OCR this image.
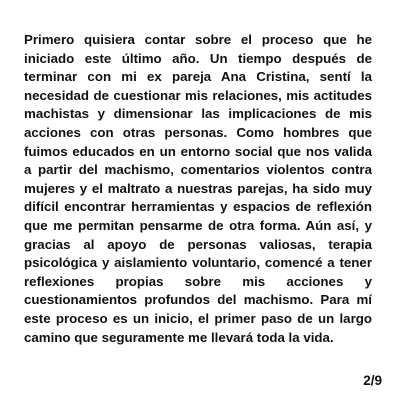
Primero quisiera contar sobre el proceso que he iniciado este último año. Un tiempo después de terminar con mi ex pareja Ana Cristina, sentí la necesidad de cuestionar mis relaciones, mis actitudes machistas y dimensionar las implicaciones de mis acciones con otras personas. Como hombres que fuimos educados en un entorno social que nos valida a partir del machismo, comentarios violentos contra mujeres y el maltrato a nuestras parejas, ha sido muy difícil encontrar herramientas y espacios de reflexión que me permitan pensarme de otra forma. Aún así, y gracias al apoyo de personas valiosas, terapia psicológica y aislamiento voluntario, comencé a tener reflexiones propias sobre mis acciones y cuestionamientos profundos del machismo. Para mí este proceso es un inicio, el primer paso de un largo camino que seguramente me llevará toda la vida.

2/9
